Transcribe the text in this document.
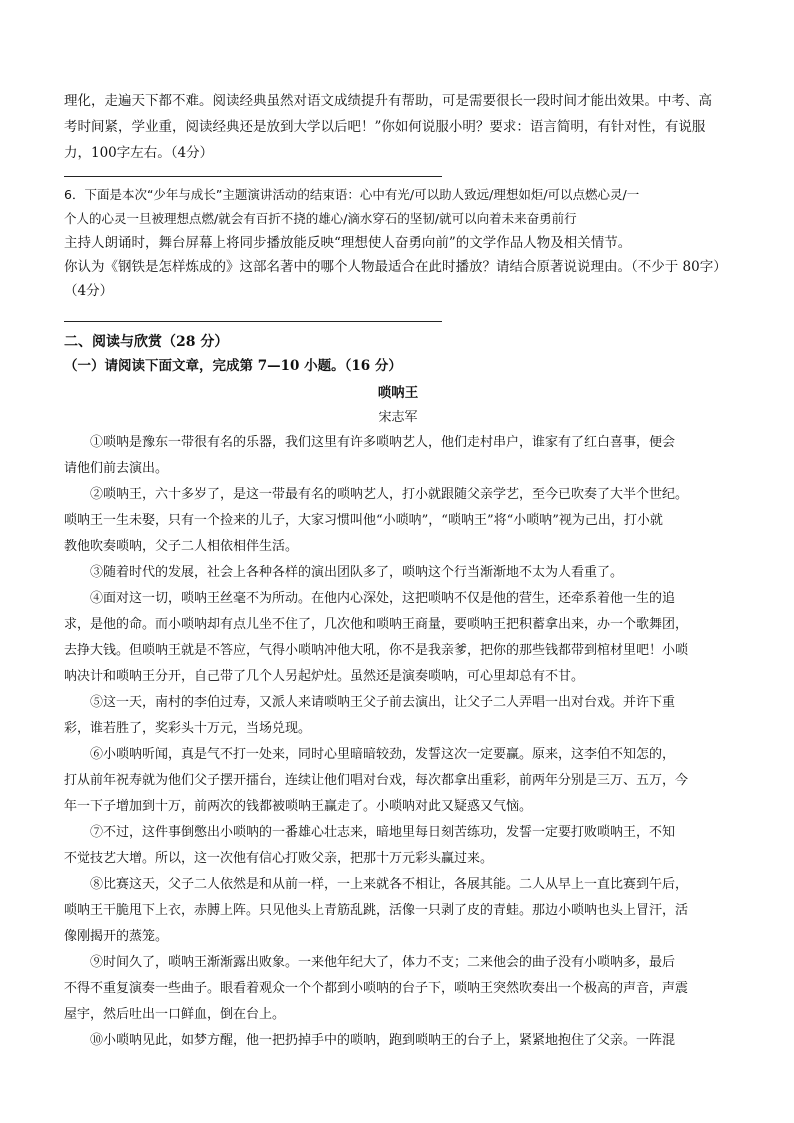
理化，走遍天下都不难。阅读经典虽然对语文成绩提升有帮助，可是需要很长一段时间才能出效果。中考、高
考时间紧，学业重，阅读经典还是放到大学以后吧！”你如何说服小明？要求：语言简明，有针对性，有说服
力，100字左右。（4分）
6．下面是本次“少年与成长”主题演讲活动的结束语：心中有光/可以助人致远/理想如炬/可以点燃心灵/一
个人的心灵一旦被理想点燃/就会有百折不挠的雄心/滴水穿石的坚韧/就可以向着未来奋勇前行
主持人朗诵时，舞台屏幕上将同步播放能反映“理想使人奋勇向前”的文学作品人物及相关情节。
你认为《钢铁是怎样炼成的》这部名著中的哪个人物最适合在此时播放？请结合原著说说理由。（不少于 80字）
（4分）
二、阅读与欣赏（28 分）
（一）请阅读下面文章，完成第 7—10 小题。（16 分）
唢呐王
宋志军
①唢呐是豫东一带很有名的乐器，我们这里有许多唢呐艺人，他们走村串户，谁家有了红白喜事，便会
请他们前去演出。
②唢呐王，六十多岁了，是这一带最有名的唢呐艺人，打小就跟随父亲学艺，至今已吹奏了大半个世纪。
唢呐王一生未娶，只有一个捡来的儿子，大家习惯叫他“小唢呐”，“唢呐王”将“小唢呐”视为己出，打小就
教他吹奏唢呐，父子二人相依相伴生活。
③随着时代的发展，社会上各种各样的演出团队多了，唢呐这个行当渐渐地不太为人看重了。
④面对这一切，唢呐王丝毫不为所动。在他内心深处，这把唢呐不仅是他的营生，还牵系着他一生的追
求，是他的命。而小唢呐却有点儿坐不住了，几次他和唢呐王商量，要唢呐王把积蓄拿出来，办一个歌舞团，
去挣大钱。但唢呐王就是不答应，气得小唢呐冲他大吼，你不是我亲爹，把你的那些钱都带到棺材里吧！小唢
呐决计和唢呐王分开，自己带了几个人另起炉灶。虽然还是演奏唢呐，可心里却总有不甘。
⑤这一天，南村的李伯过寿，又派人来请唢呐王父子前去演出，让父子二人弄唱一出对台戏。并许下重
彩，谁若胜了，奖彩头十万元，当场兑现。
⑥小唢呐听闻，真是气不打一处来，同时心里暗暗较劲，发誓这次一定要赢。原来，这李伯不知怎的，
打从前年祝寿就为他们父子摆开擂台，连续让他们唱对台戏，每次都拿出重彩，前两年分别是三万、五万，今
年一下子增加到十万，前两次的钱都被唢呐王赢走了。小唢呐对此又疑惑又气恼。
⑦不过，这件事倒憋出小唢呐的一番雄心壮志来，暗地里每日刻苦练功，发誓一定要打败唢呐王，不知
不觉技艺大增。所以，这一次他有信心打败父亲，把那十万元彩头赢过来。
⑧比赛这天，父子二人依然是和从前一样，一上来就各不相让，各展其能。二人从早上一直比赛到午后，
唢呐王干脆甩下上衣，赤膊上阵。只见他头上青筋乱跳，活像一只剥了皮的青蛙。那边小唢呐也头上冒汗，活
像刚揭开的蒸笼。
⑨时间久了，唢呐王渐渐露出败象。一来他年纪大了，体力不支；二来他会的曲子没有小唢呐多，最后
不得不重复演奏一些曲子。眼看着观众一个个都到小唢呐的台子下，唢呐王突然吹奏出一个极高的声音，声震
屋宇，然后吐出一口鲜血，倒在台上。
⑩小唢呐见此，如梦方醒，他一把扔掉手中的唢呐，跑到唢呐王的台子上，紧紧地抱住了父亲。一阵混
